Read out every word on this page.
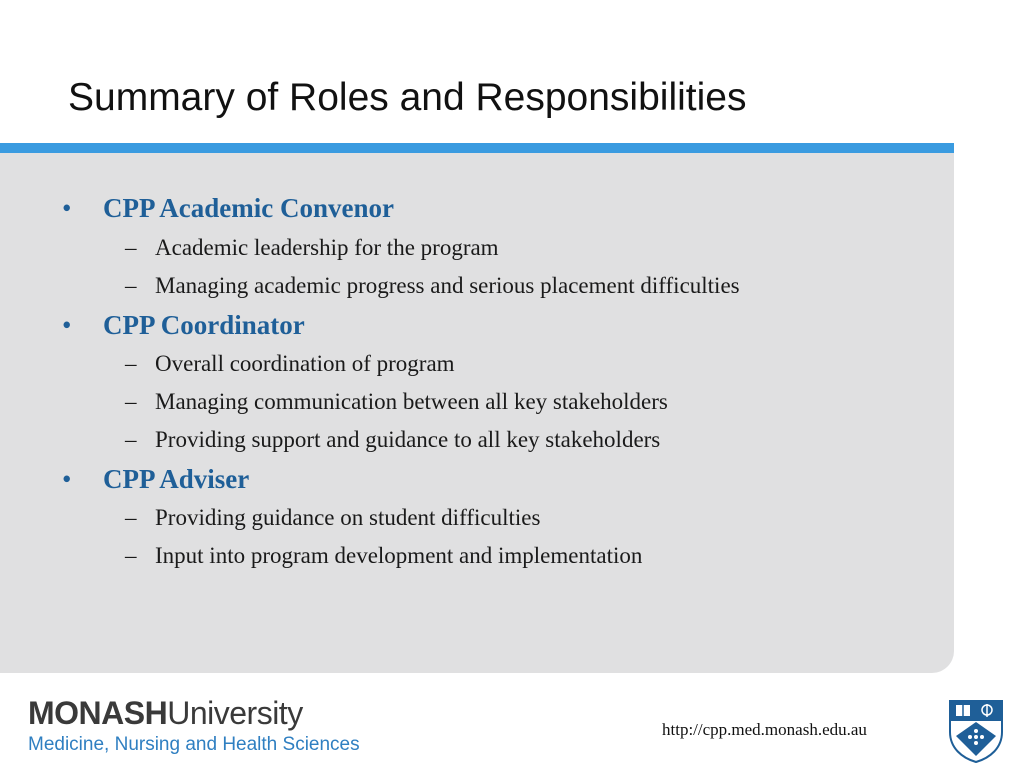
Summary of Roles and Responsibilities
• CPP Academic Convenor
– Academic leadership for the program
– Managing academic progress and serious placement difficulties
• CPP Coordinator
– Overall coordination of program
– Managing communication between all key stakeholders
– Providing support and guidance to all key stakeholders
• CPP Adviser
– Providing guidance on student difficulties
– Input into program development and implementation
MONASHUniversity
Medicine, Nursing and Health Sciences
http://cpp.med.monash.edu.au
